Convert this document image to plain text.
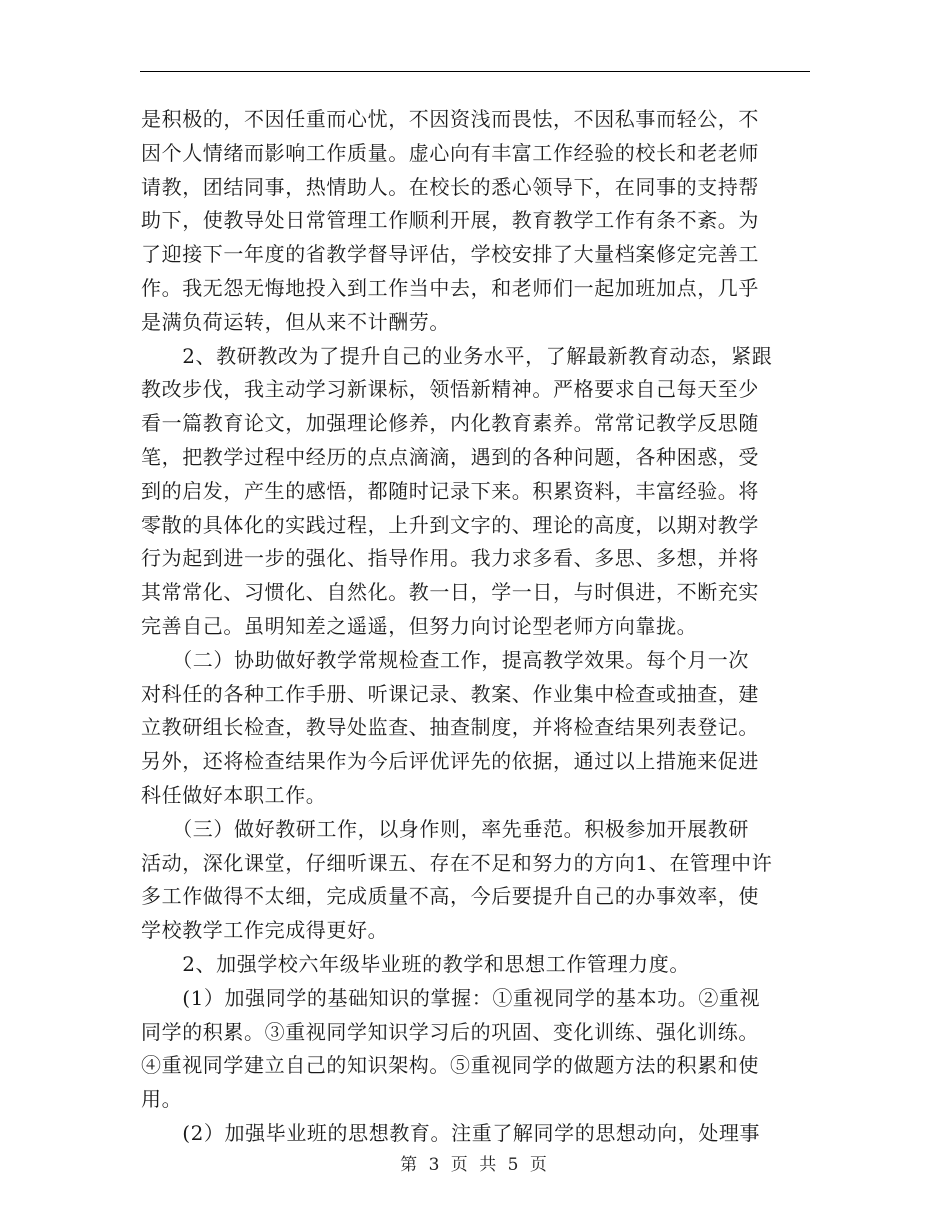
是积极的，不因任重而心忧，不因资浅而畏怯，不因私事而轻公，不
因个人情绪而影响工作质量。虚心向有丰富工作经验的校长和老老师
请教，团结同事，热情助人。在校长的悉心领导下，在同事的支持帮
助下，使教导处日常管理工作顺利开展，教育教学工作有条不紊。为
了迎接下一年度的省教学督导评估，学校安排了大量档案修定完善工
作。我无怨无悔地投入到工作当中去，和老师们一起加班加点，几乎
是满负荷运转，但从来不计酬劳。
　　2、教研教改为了提升自己的业务水平，了解最新教育动态，紧跟
教改步伐，我主动学习新课标，领悟新精神。严格要求自己每天至少
看一篇教育论文，加强理论修养，内化教育素养。常常记教学反思随
笔，把教学过程中经历的点点滴滴，遇到的各种问题，各种困惑，受
到的启发，产生的感悟，都随时记录下来。积累资料，丰富经验。将
零散的具体化的实践过程，上升到文字的、理论的高度，以期对教学
行为起到进一步的强化、指导作用。我力求多看、多思、多想，并将
其常常化、习惯化、自然化。教一日，学一日，与时俱进，不断充实
完善自己。虽明知差之遥遥，但努力向讨论型老师方向靠拢。
　　（二）协助做好教学常规检查工作，提高教学效果。每个月一次
对科任的各种工作手册、听课记录、教案、作业集中检查或抽查，建
立教研组长检查，教导处监查、抽查制度，并将检查结果列表登记。
另外，还将检查结果作为今后评优评先的依据，通过以上措施来促进
科任做好本职工作。
　　（三）做好教研工作，以身作则，率先垂范。积极参加开展教研
活动，深化课堂，仔细听课五、存在不足和努力的方向1、在管理中许
多工作做得不太细，完成质量不高，今后要提升自己的办事效率，使
学校教学工作完成得更好。
　　2、加强学校六年级毕业班的教学和思想工作管理力度。
　　(1）加强同学的基础知识的掌握：①重视同学的基本功。②重视
同学的积累。③重视同学知识学习后的巩固、变化训练、强化训练。
④重视同学建立自己的知识架构。⑤重视同学的做题方法的积累和使
用。
　　(2）加强毕业班的思想教育。注重了解同学的思想动向，处理事
第 3 页 共 5 页
